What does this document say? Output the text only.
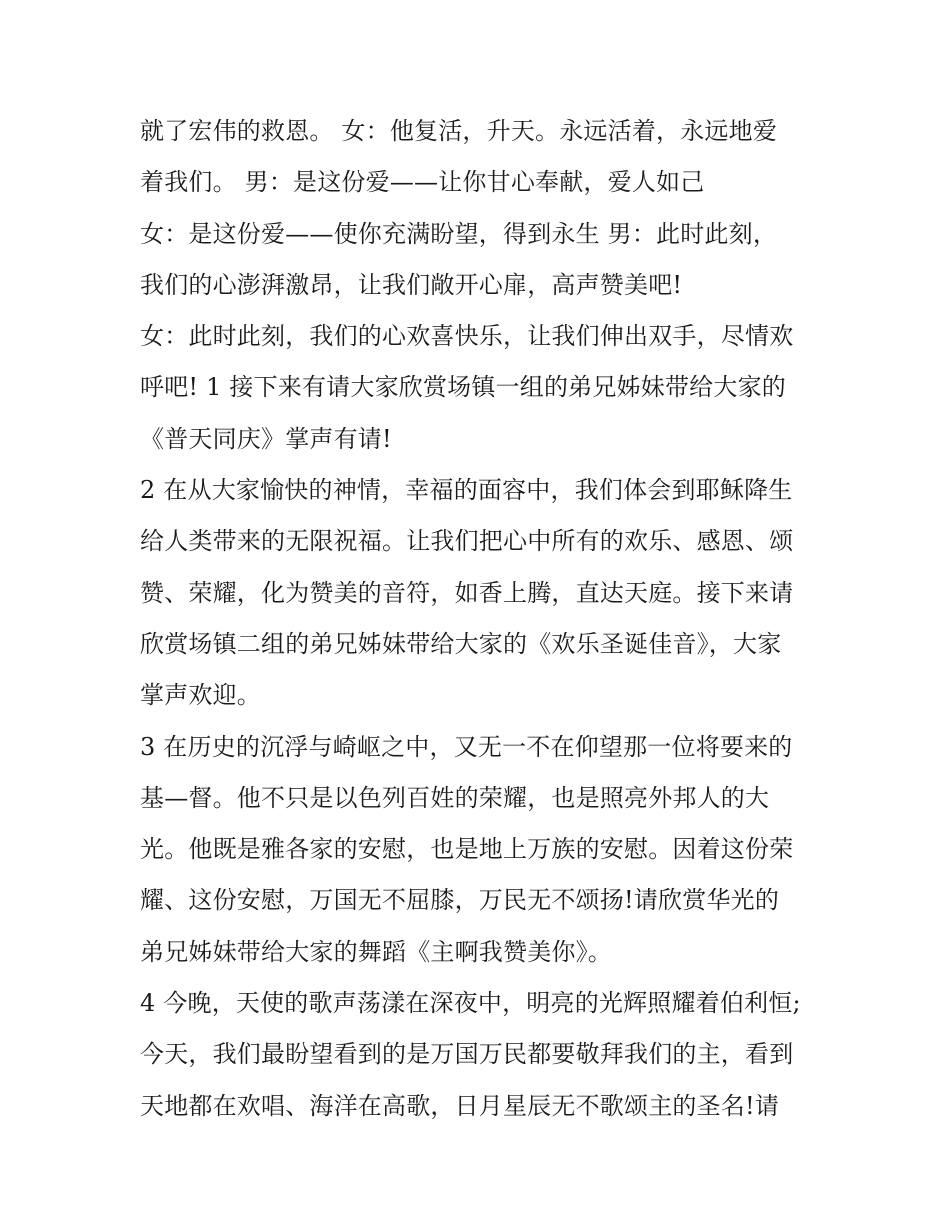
就了宏伟的救恩。 女：他复活，升天。永远活着，永远地爱
着我们。 男：是这份爱——让你甘心奉献，爱人如己
女：是这份爱——使你充满盼望，得到永生 男：此时此刻，
我们的心澎湃激昂，让我们敞开心扉，高声赞美吧!
女：此时此刻，我们的心欢喜快乐，让我们伸出双手，尽情欢
呼吧! 1 接下来有请大家欣赏场镇一组的弟兄姊妹带给大家的
《普天同庆》掌声有请!
2 在从大家愉快的神情，幸福的面容中，我们体会到耶稣降生
给人类带来的无限祝福。让我们把心中所有的欢乐、感恩、颂
赞、荣耀，化为赞美的音符，如香上腾，直达天庭。接下来请
欣赏场镇二组的弟兄姊妹带给大家的《欢乐圣诞佳音》，大家
掌声欢迎。
3 在历史的沉浮与崎岖之中，又无一不在仰望那一位将要来的
基—督。他不只是以色列百姓的荣耀，也是照亮外邦人的大
光。他既是雅各家的安慰，也是地上万族的安慰。因着这份荣
耀、这份安慰，万国无不屈膝，万民无不颂扬!请欣赏华光的
弟兄姊妹带给大家的舞蹈《主啊我赞美你》。
4 今晚，天使的歌声荡漾在深夜中，明亮的光辉照耀着伯利恒;
今天，我们最盼望看到的是万国万民都要敬拜我们的主，看到
天地都在欢唱、海洋在高歌，日月星辰无不歌颂主的圣名!请
